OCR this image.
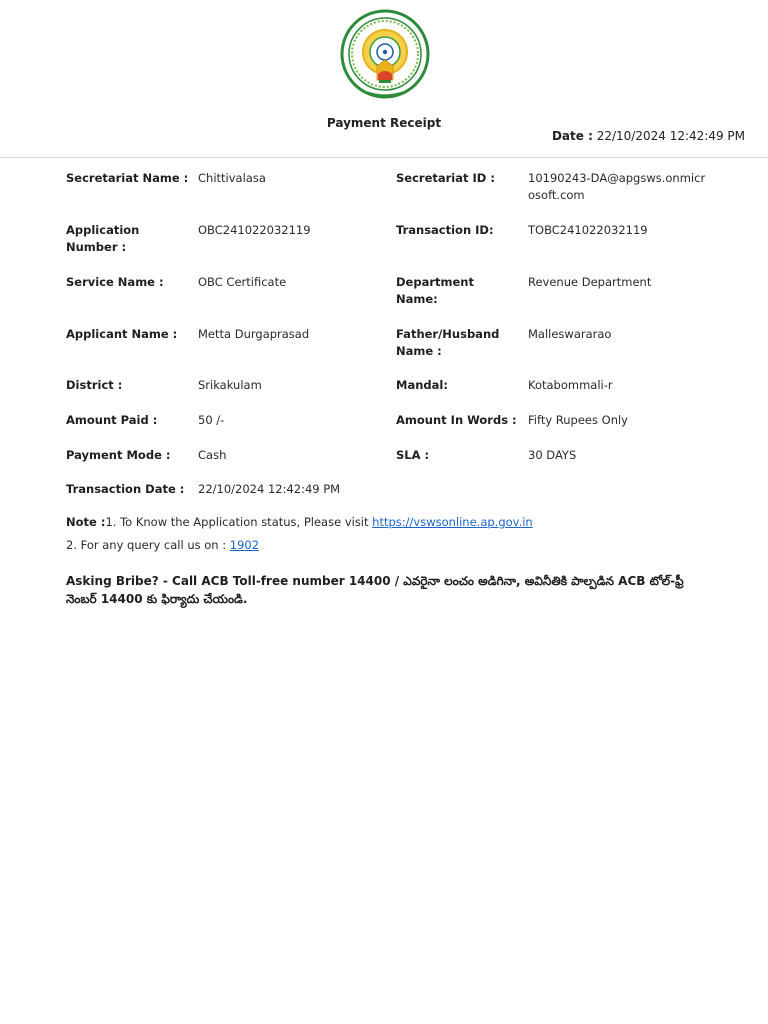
Payment Receipt
Date : 22/10/2024 12:42:49 PM
Secretariat Name : Chittivalasa	Secretariat ID :	10190243-DA@apgsws.onmicrosoft.com
Application Number :
OBC241022032119	Transaction ID:	TOBC241022032119
Service Name :	OBC Certificate	Department Name:
Revenue Department
Applicant Name :	Metta Durgaprasad	Father/Husband Name :
Malleswararao
District :	Srikakulam	Mandal:	Kotabommali-r
Amount Paid :	50 /-	Amount In Words : Fifty Rupees Only
Payment Mode :	Cash	SLA :	30 DAYS
Transaction Date :	22/10/2024 12:42:49 PM
Note :1. To Know the Application status, Please visit https://vswsonline.ap.gov.in
2. For any query call us on : 1902
Asking Bribe? - Call ACB Toll-free number 14400 / ఎవరైనా లంచం అడిగినా, అవినీతికి పాల్పడిన ACB టోల్-ఫ్రీ నెంబర్ 14400 కు ఫిర్యాదు చేయండి.
